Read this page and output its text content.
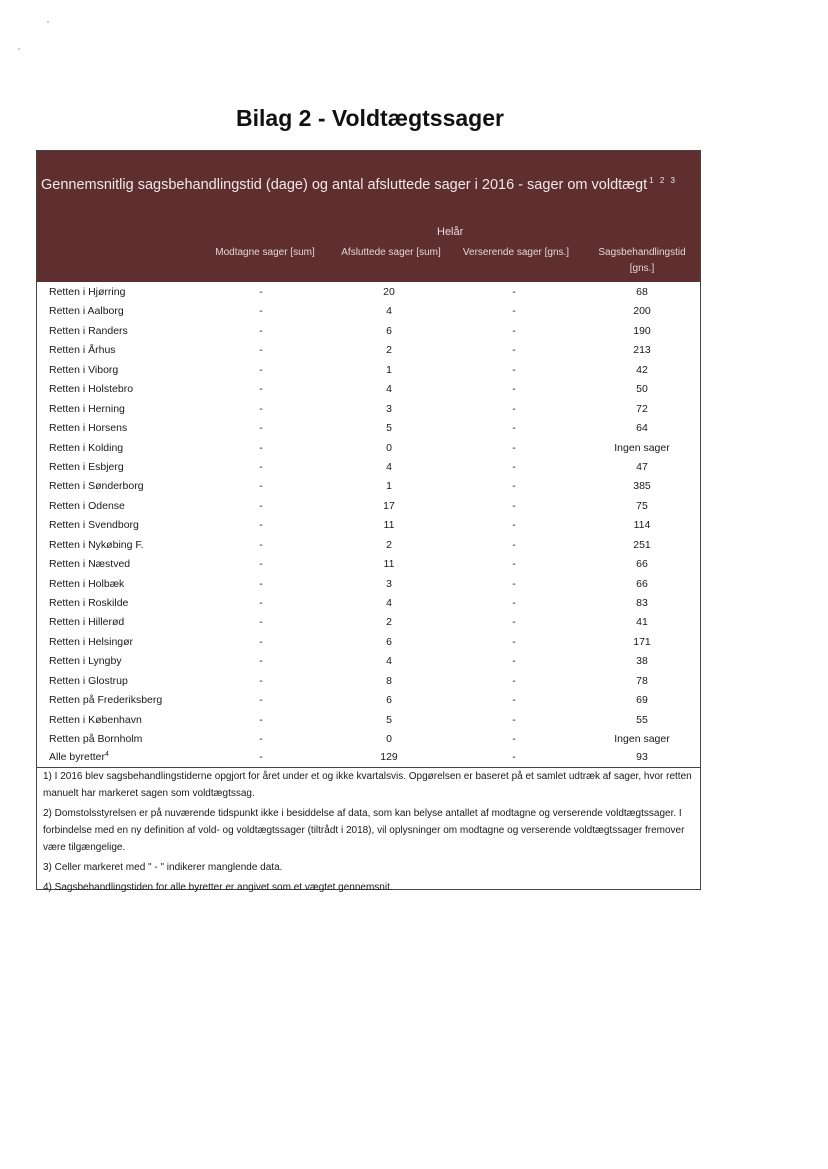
Bilag 2 - Voldtægtssager
Gennemsnitlig sagsbehandlingstid (dage) og antal afsluttede sager i 2016 - sager om voldtægt $^{1 2 3}$
Helår
Modtagne sager [sum]	Afsluttede sager [sum]	Verserende sager [gns.]	Sagsbehandlingstid
[gns.]
Retten i Hjørring	-	20	-	68
Retten i Aalborg	-	4	-	200
Retten i Randers	-	6	-	190
Retten i Århus	-	2	-	213
Retten i Viborg	-	1	-	42
Retten i Holstebro	-	4	-	50
Retten i Herning	-	3	-	72
Retten i Horsens	-	5	-	64
Retten i Kolding	-	0	-	Ingen sager
Retten i Esbjerg	-	4	-	47
Retten i Sønderborg	-	1	-	385
Retten i Odense	-	17	-	75
Retten i Svendborg	-	11	-	114
Retten i Nykøbing F.	-	2	-	251
Retten i Næstved	-	11	-	66
Retten i Holbæk	-	3	-	66
Retten i Roskilde	-	4	-	83
Retten i Hillerød	-	2	-	41
Retten i Helsingør	-	6	-	171
Retten i Lyngby	-	4	-	38
Retten i Glostrup	-	8	-	78
Retten på Frederiksberg	-	6	-	69
Retten i København	-	5	-	55
Retten på Bornholm	-	0	-	Ingen sager
Alle byretter$^4$	-	129	-	93

1) I 2016 blev sagsbehandlingstiderne opgjort for året under et og ikke kvartalsvis. Opgørelsen er baseret på et samlet udtræk af sager, hvor retten manuelt har markeret sagen som voldtægtssag.

2) Domstolsstyrelsen er på nuværende tidspunkt ikke i besiddelse af data, som kan belyse antallet af modtagne og verserende voldtægtssager. I forbindelse med en ny definition af vold- og voldtægtssager (tiltrådt i 2018), vil oplysninger om modtagne og verserende voldtægtssager fremover være tilgængelige.

3) Celler markeret med " - " indikerer manglende data.

4) Sagsbehandlingstiden for alle byretter er angivet som et vægtet gennemsnit.
